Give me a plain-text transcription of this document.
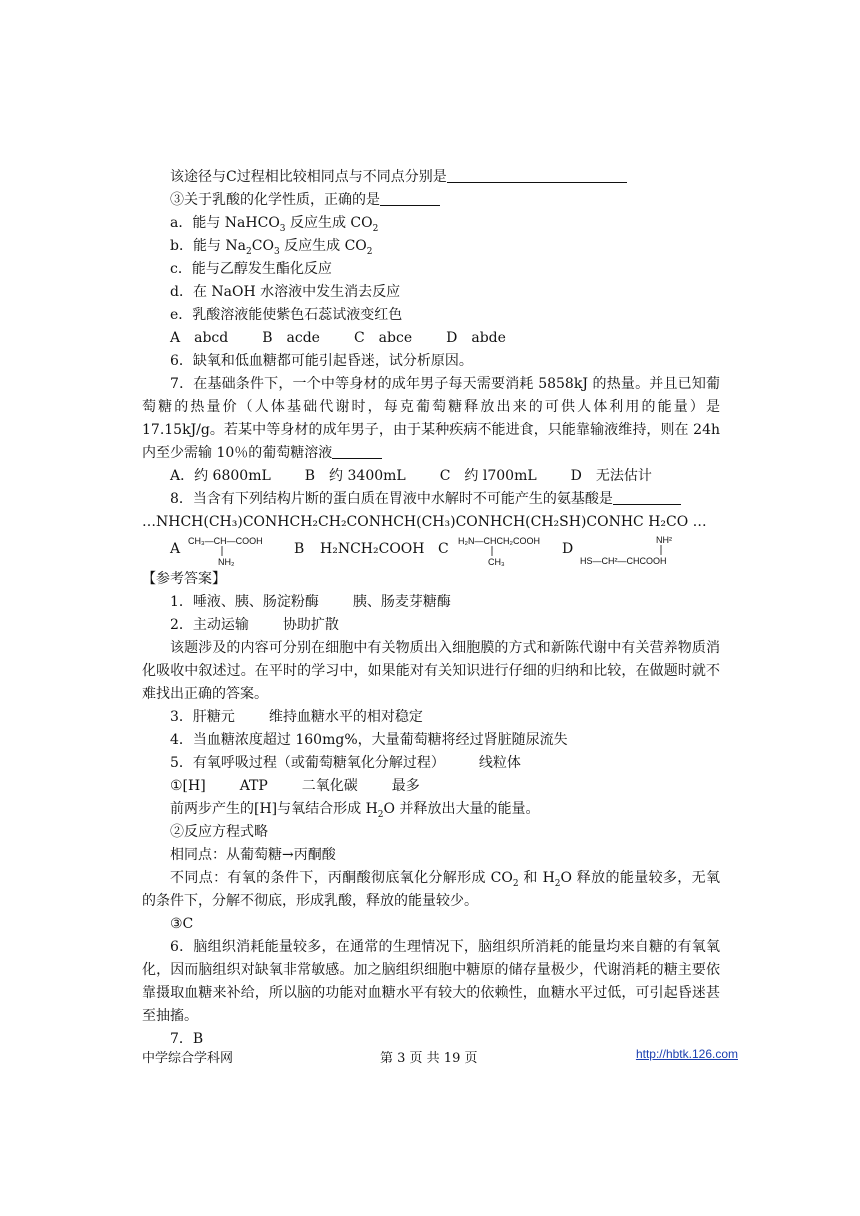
该途径与C过程相比较相同点与不同点分别是
③关于乳酸的化学性质，正确的是
a．能与 NaHCO$_3$ 反应生成 $CO_2$
b．能与 $Na_2CO_3$ 反应生成 $CO_2$
c．能与乙醇发生酯化反应
d．在 NaOH 水溶液中发生消去反应
e．乳酸溶液能使紫色石蕊试液变红色
A　abcd B　acde C　abce D　abde
6．缺氧和低血糖都可能引起昏迷，试分析原因。
7．在基础条件下，一个中等身材的成年男子每天需要消耗 5858kJ 的热量。并且已知葡萄糖的热量价（人体基础代谢时，每克葡萄糖释放出来的可供人体利用的能量）是 17.15kJ/g。若某中等身材的成年男子，由于某种疾病不能进食，只能靠输液维持，则在 24h 内至少需输 10％的葡萄糖溶液
A．约 6800mL B　约 3400mL C　约 l700mL D　无法估计
8．当含有下列结构片断的蛋白质在胃液中水解时不可能产生的氨基酸是
…NHCH(CH₃)CONHCH₂CH₂CONHCH(CH₃)CONHCH(CH₂SH)CONHC H₂CO …
A CH₃—CH—COOH
NH₂
B H₂NCH₂COOH C H₂N—CHCH₂COOH
CH₃
D
NH²
HS—CH²—CHCOOH
【参考答案】
1．唾液、胰、肠淀粉酶 胰、肠麦芽糖酶
2．主动运输 协助扩散
该题涉及的内容可分别在细胞中有关物质出入细胞膜的方式和新陈代谢中有关营养物质消化吸收中叙述过。在平时的学习中，如果能对有关知识进行仔细的归纳和比较，在做题时就不难找出正确的答案。
3．肝糖元 维持血糖水平的相对稳定
4．当血糖浓度超过 160mg%，大量葡萄糖将经过肾脏随尿流失
5．有氧呼吸过程（或葡萄糖氧化分解过程） 线粒体
①[H] ATP 二氧化碳 最多
前两步产生的[H]与氧结合形成 $H_2O$ 并释放出大量的能量。
②反应方程式略
相同点：从葡萄糖→丙酮酸
不同点：有氧的条件下，丙酮酸彻底氧化分解形成 $CO_2$ 和 $H_2O$ 释放的能量较多，无氧的条件下，分解不彻底，形成乳酸，释放的能量较少。
③C
6．脑组织消耗能量较多，在通常的生理情况下，脑组织所消耗的能量均来自糖的有氧氧化，因而脑组织对缺氧非常敏感。加之脑组织细胞中糖原的储存量极少，代谢消耗的糖主要依靠摄取血糖来补给，所以脑的功能对血糖水平有较大的依赖性，血糖水平过低，可引起昏迷甚至抽搐。
7．B
中学综合学科网	第 3 页 共 19 页	http://hbtk.126.com
